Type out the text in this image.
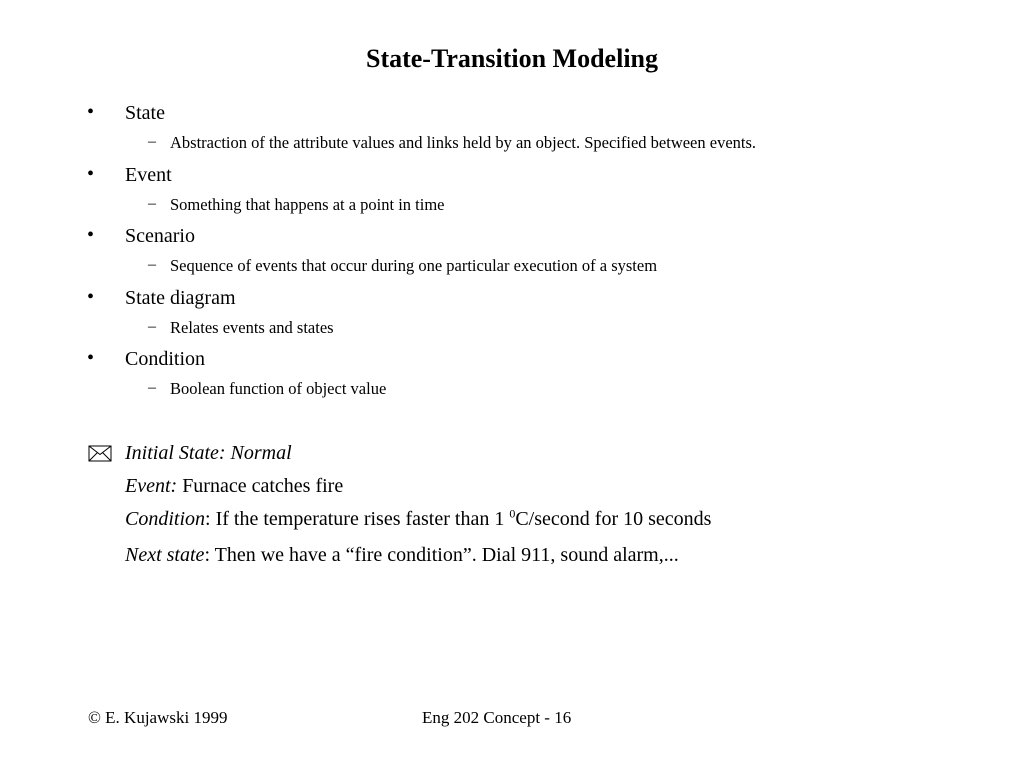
State-Transition Modeling
• State
– Abstraction of the attribute values and links held by an object. Specified between events.
• Event
– Something that happens at a point in time
• Scenario
– Sequence of events that occur during one particular execution of a system
• State diagram
– Relates events and states
• Condition
– Boolean function of object value
Initial State: Normal
Event: Furnace catches fire
Condition: If the temperature rises faster than 1 $^0$C/second for 10 seconds
Next state: Then we have a “fire condition”. Dial 911, sound alarm,...
© E. Kujawski 1999	Eng 202 Concept - 16
